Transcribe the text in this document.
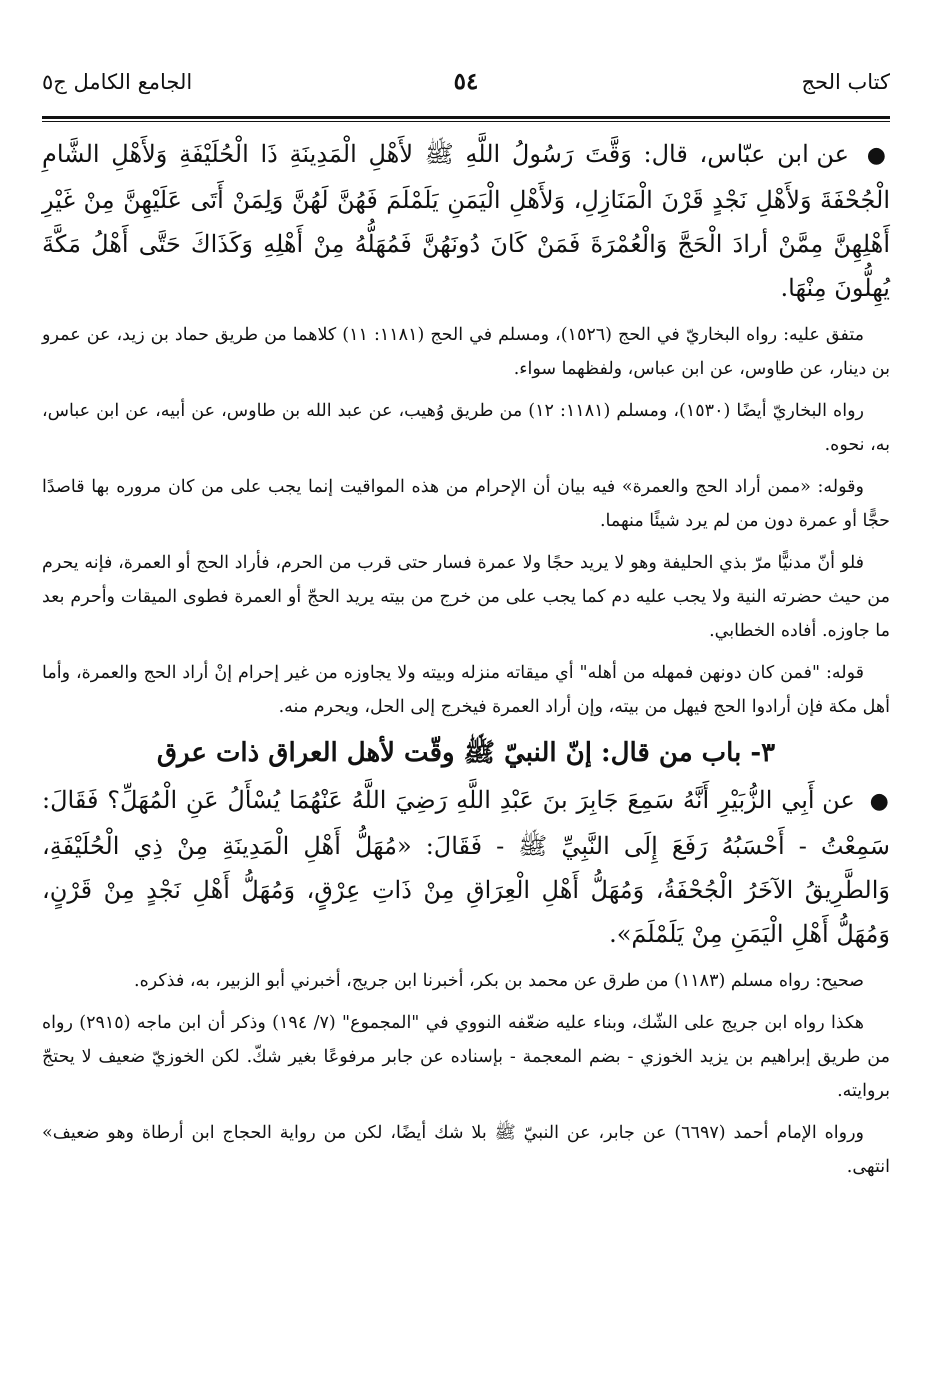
كتاب الحج
٥٤
الجامع الكامل ج٥

● عن ابن عبّاس، قال: وَقَّتَ رَسُولُ اللَّهِ ﷺ لأَهْلِ الْمَدِينَةِ ذَا الْحُلَيْفَةِ وَلأَهْلِ الشَّامِ الْجُحْفَةَ وَلأَهْلِ نَجْدٍ قَرْنَ الْمَنَازِلِ، وَلأَهْلِ الْيَمَنِ يَلَمْلَمَ فَهُنَّ لَهُنَّ وَلِمَنْ أَتَى عَلَيْهِنَّ مِنْ غَيْرِ أَهْلِهِنَّ مِمَّنْ أرادَ الْحَجَّ وَالْعُمْرَةَ فَمَنْ كَانَ دُونَهُنَّ فَمُهَلُّهُ مِنْ أَهْلِهِ وَكَذَاكَ حَتَّى أَهْلُ مَكَّةَ يُهِلُّونَ مِنْهَا.

متفق عليه: رواه البخاريّ في الحج (١٥٢٦)، ومسلم في الحج (١١٨١: ١١) كلاهما من طريق حماد بن زيد، عن عمرو بن دينار، عن طاوس، عن ابن عباس، ولفظهما سواء.

رواه البخاريّ أيضًا (١٥٣٠)، ومسلم (١١٨١: ١٢) من طريق وُهيب، عن عبد الله بن طاوس، عن أبيه، عن ابن عباس، به، نحوه.

وقوله: «ممن أراد الحج والعمرة» فيه بيان أن الإحرام من هذه المواقيت إنما يجب على من كان مروره بها قاصدًا حجًّا أو عمرة دون من لم يرد شيئًا منهما.

فلو أنّ مدنيًّا مرّ بذي الحليفة وهو لا يريد حجًا ولا عمرة فسار حتى قرب من الحرم، فأراد الحج أو العمرة، فإنه يحرم من حيث حضرته النية ولا يجب عليه دم كما يجب على من خرج من بيته يريد الحجّ أو العمرة فطوى الميقات وأحرم بعد ما جاوزه. أفاده الخطابي.

قوله: "فمن كان دونهن فمهله من أهله" أي ميقاته منزله وبيته ولا يجاوزه من غير إحرام إنْ أراد الحج والعمرة، وأما أهل مكة فإن أرادوا الحج فيهل من بيته، وإن أراد العمرة فيخرج إلى الحل، ويحرم منه.

٣- باب من قال: إنّ النبيّ ﷺ وقّت لأهل العراق ذات عرق

● عن أَبِي الزُّبَيْرِ أَنَّهُ سَمِعَ جَابِرَ بنَ عَبْدِ اللَّهِ رَضِيَ اللَّهُ عَنْهُمَا يُسْأَلُ عَنِ الْمُهَلِّ؟ فَقَالَ: سَمِعْتُ - أَحْسَبُهُ رَفَعَ إِلَى النَّبِيِّ ﷺ - فَقَالَ: «مُهَلُّ أَهْلِ الْمَدِينَةِ مِنْ ذِي الْحُلَيْفَةِ، وَالطَّرِيقُ الآخَرُ الْجُحْفَةُ، وَمُهَلُّ أَهْلِ الْعِرَاقِ مِنْ ذَاتِ عِرْقٍ، وَمُهَلُّ أَهْلِ نَجْدٍ مِنْ قَرْنٍ، وَمُهَلُّ أَهْلِ الْيَمَنِ مِنْ يَلَمْلَمَ».

صحيح: رواه مسلم (١١٨٣) من طرق عن محمد بن بكر، أخبرنا ابن جريج، أخبرني أبو الزبير، به، فذكره.

هكذا رواه ابن جريج على الشّك، وبناء عليه ضعّفه النووي في "المجموع" (٧/ ١٩٤) وذكر أن ابن ماجه (٢٩١٥) رواه من طريق إبراهيم بن يزيد الخوزي - بضم المعجمة - بإسناده عن جابر مرفوعًا بغير شكّ. لكن الخوزيّ ضعيف لا يحتجّ بروايته.

ورواه الإمام أحمد (٦٦٩٧) عن جابر، عن النبيّ ﷺ بلا شك أيضًا، لكن من رواية الحجاج ابن أرطاة وهو ضعيف» انتهى.
